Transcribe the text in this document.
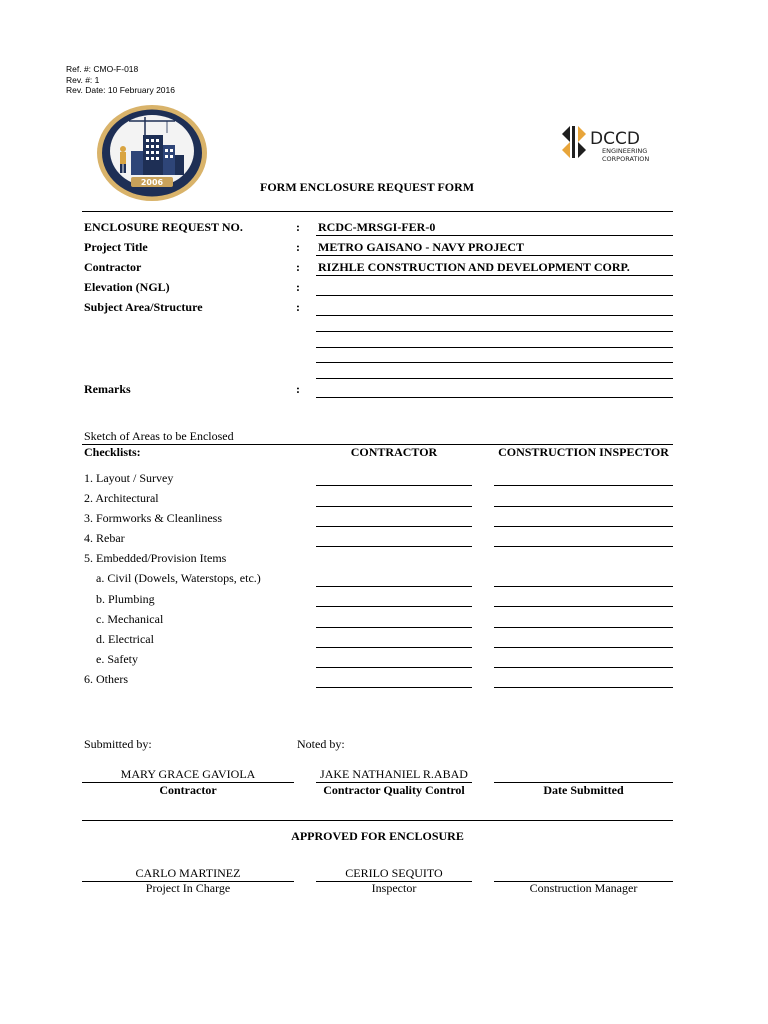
Ref. #: CMO-F-018
Rev. #: 1
Rev. Date: 10 February 2016
2006
DCCD
ENGINEERING
CORPORATION
FORM ENCLOSURE REQUEST FORM
ENCLOSURE REQUEST NO.	: RCDC-MRSGI-FER-0
Project Title	: METRO GAISANO - NAVY PROJECT
Contractor	: RIZHLE CONSTRUCTION AND DEVELOPMENT CORP.
Elevation (NGL)	:
Subject Area/Structure	:
Remarks	:
Sketch of Areas to be Enclosed
Checklists:	CONTRACTOR	CONSTRUCTION INSPECTOR
1. Layout / Survey
2. Architectural
3. Formworks & Cleanliness
4. Rebar
5. Embedded/Provision Items
a. Civil (Dowels, Waterstops, etc.)
b. Plumbing
c. Mechanical
d. Electrical
e. Safety
6. Others
Submitted by:	Noted by:
MARY GRACE GAVIOLA	JAKE NATHANIEL R.ABAD
Contractor	Contractor Quality Control	Date Submitted
APPROVED FOR ENCLOSURE
CARLO MARTINEZ	CERILO SEQUITO
Project In Charge	Inspector	Construction Manager
